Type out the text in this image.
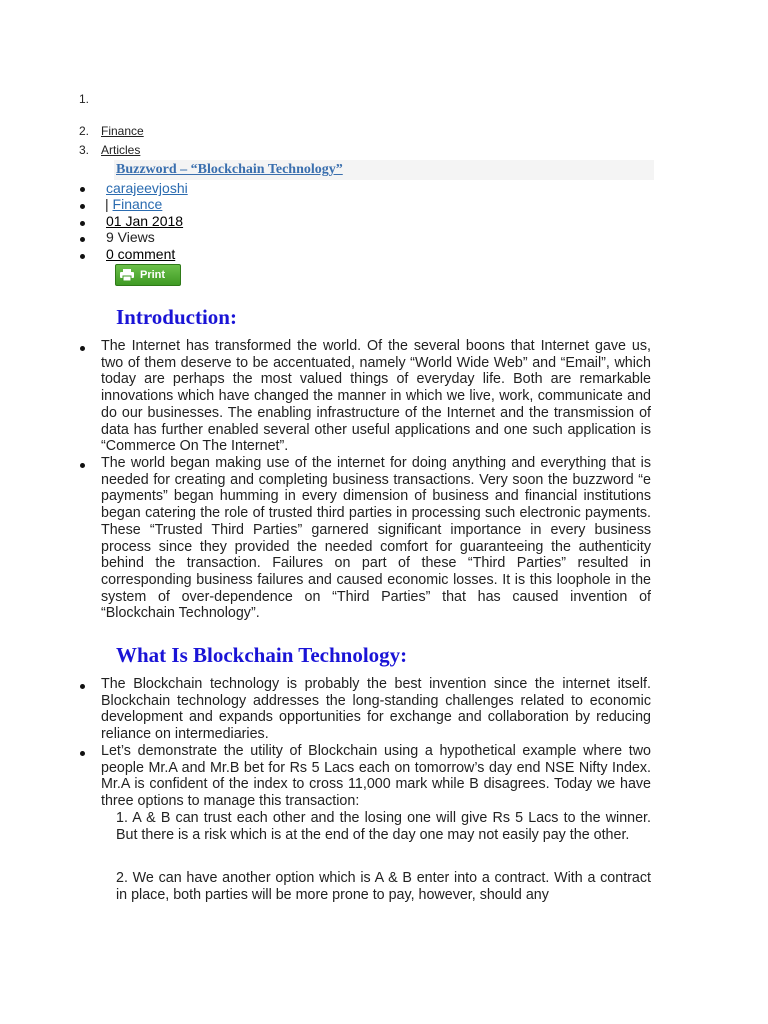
1.
2. Finance
3. Articles
Buzzword – “Blockchain Technology”
carajeevjoshi
| Finance
01 Jan 2018
9 Views
0 comment
Print
Introduction:

The Internet has transformed the world. Of the several boons that Internet gave us, two of them deserve to be accentuated, namely “World Wide Web” and “Email”, which today are perhaps the most valued things of everyday life. Both are remarkable innovations which have changed the manner in which we live, work, communicate and do our businesses. The enabling infrastructure of the Internet and the transmission of data has further enabled several other useful applications and one such application is “Commerce On The Internet”.

The world began making use of the internet for doing anything and everything that is needed for creating and completing business transactions. Very soon the buzzword “e payments” began humming in every dimension of business and financial institutions began catering the role of trusted third parties in processing such electronic payments. These “Trusted Third Parties” garnered significant importance in every business process since they provided the needed comfort for guaranteeing the authenticity behind the transaction. Failures on part of these “Third Parties” resulted in corresponding business failures and caused economic losses. It is this loophole in the system of over-dependence on “Third Parties” that has caused invention of “Blockchain Technology”.

What Is Blockchain Technology:

The Blockchain technology is probably the best invention since the internet itself. Blockchain technology addresses the long-standing challenges related to economic development and expands opportunities for exchange and collaboration by reducing reliance on intermediaries.

Let’s demonstrate the utility of Blockchain using a hypothetical example where two people Mr.A and Mr.B bet for Rs 5 Lacs each on tomorrow’s day end NSE Nifty Index. Mr.A is confident of the index to cross 11,000 mark while B disagrees. Today we have three options to manage this transaction:

1. A & B can trust each other and the losing one will give Rs 5 Lacs to the winner. But there is a risk which is at the end of the day one may not easily pay the other.

2. We can have another option which is A & B enter into a contract. With a contract in place, both parties will be more prone to pay, however, should any
